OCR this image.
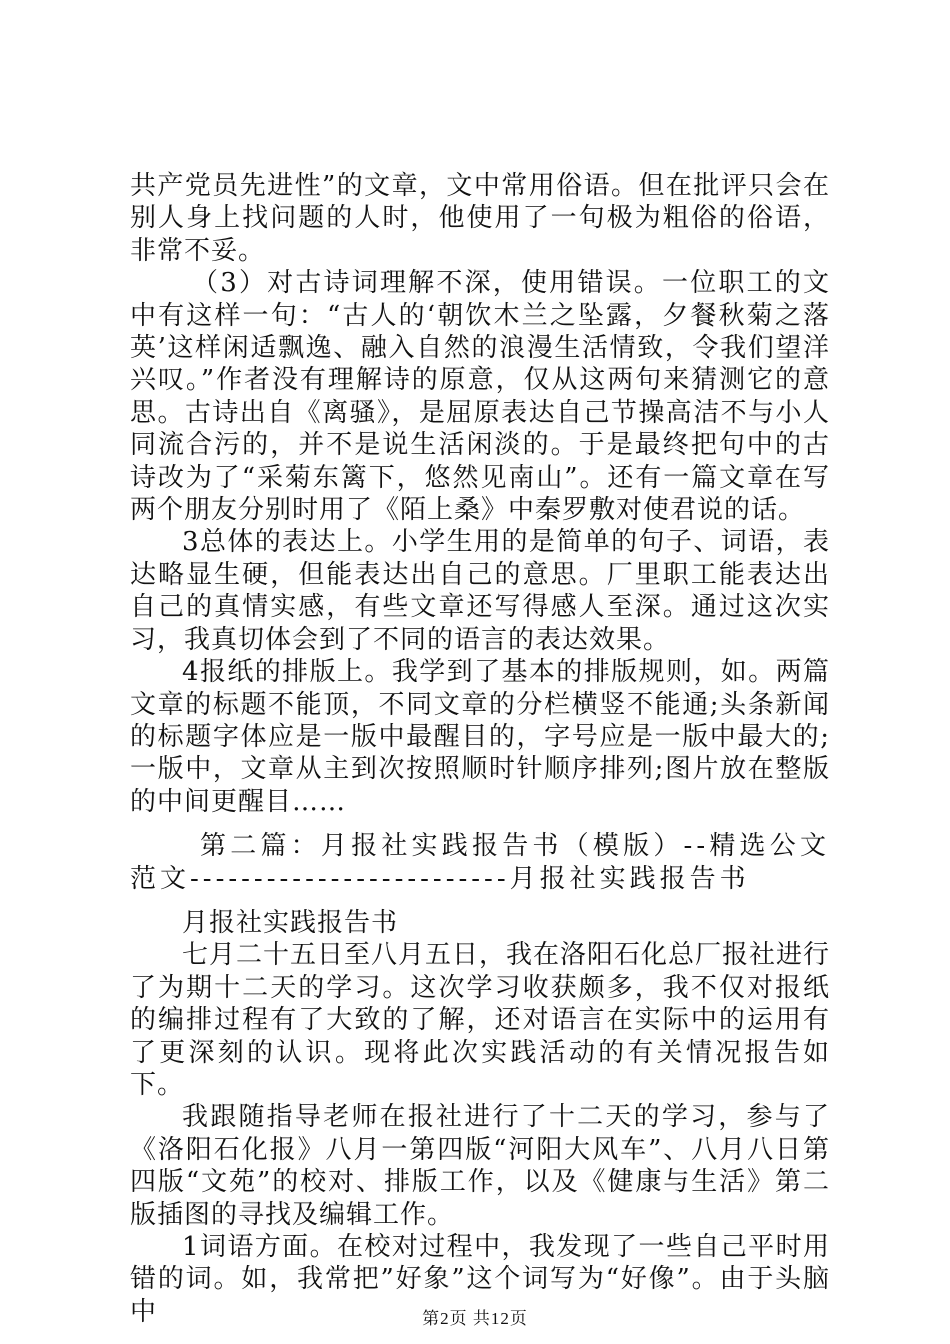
共产党员先进性”的文章，文中常用俗语。但在批评只会在别人身上找问题的人时，他使用了一句极为粗俗的俗语，非常不妥。

（3）对古诗词理解不深，使用错误。一位职工的文中有这样一句：“古人的‘朝饮木兰之坠露，夕餐秋菊之落英’这样闲适飘逸、融入自然的浪漫生活情致，令我们望洋兴叹。”作者没有理解诗的原意，仅从这两句来猜测它的意思。古诗出自《离骚》，是屈原表达自己节操高洁不与小人同流合污的，并不是说生活闲淡的。于是最终把句中的古诗改为了“采菊东篱下，悠然见南山”。还有一篇文章在写两个朋友分别时用了《陌上桑》中秦罗敷对使君说的话。

3总体的表达上。小学生用的是简单的句子、词语，表达略显生硬，但能表达出自己的意思。厂里职工能表达出自己的真情实感，有些文章还写得感人至深。通过这次实习，我真切体会到了不同的语言的表达效果。

4报纸的排版上。我学到了基本的排版规则，如。两篇文章的标题不能顶，不同文章的分栏横竖不能通;头条新闻的标题字体应是一版中最醒目的，字号应是一版中最大的;一版中，文章从主到次按照顺时针顺序排列;图片放在整版的中间更醒目……

第二篇：月报社实践报告书（模版）--精选公文范文-------------------------月报社实践报告书

月报社实践报告书

七月二十五日至八月五日，我在洛阳石化总厂报社进行了为期十二天的学习。这次学习收获颇多，我不仅对报纸的编排过程有了大致的了解，还对语言在实际中的运用有了更深刻的认识。现将此次实践活动的有关情况报告如下。

我跟随指导老师在报社进行了十二天的学习，参与了《洛阳石化报》八月一第四版“河阳大风车”、八月八日第四版“文苑”的校对、排版工作，以及《健康与生活》第二版插图的寻找及编辑工作。

1词语方面。在校对过程中，我发现了一些自己平时用错的词。如，我常把”好象”这个词写为“好像”。由于头脑中	第2页 共12页
